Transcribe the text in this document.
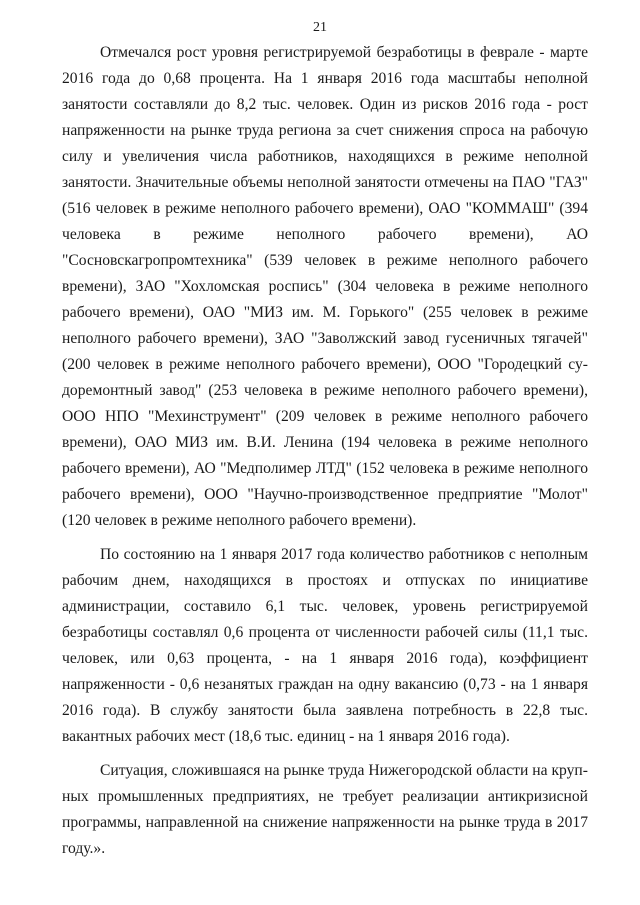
21

Отмечался рост уровня регистрируемой безработицы в феврале - марте 2016 года до 0,68 процента. На 1 января 2016 года масштабы неполной занятости составляли до 8,2 тыс. человек. Один из рисков 2016 года - рост напряженности на рынке труда региона за счет снижения спроса на рабочую силу и увеличения числа работников, находящихся в режиме неполной занятости. Значительные объемы неполной занятости отмечены на ПАО "ГАЗ" (516 человек в режиме неполного рабочего времени), ОАО "КОММАШ" (394 человека в режиме неполного рабочего времени), АО "Сосновскагропромтехника" (539 человек в режиме неполного рабочего времени), ЗАО "Хохломская роспись" (304 человека в режиме неполного рабочего времени), ОАО "МИЗ им. М. Горького" (255 человек в режиме неполного рабочего времени), ЗАО "Заволжский завод гусеничных тягачей" (200 человек в режиме неполного рабочего времени), ООО "Городецкий судоремонтный завод" (253 человека в режиме неполного рабочего времени), ООО НПО "Мехинструмент" (209 человек в режиме неполного рабочего времени), ОАО МИЗ им. В.И. Ленина (194 человека в режиме неполного рабочего времени), АО "Медполимер ЛТД" (152 человека в режиме неполного рабочего времени), ООО "Научно-производственное предприятие "Молот" (120 человек в режиме неполного рабочего времени).

По состоянию на 1 января 2017 года количество работников с неполным рабочим днем, находящихся в простоях и отпусках по инициативе администрации, составило 6,1 тыс. человек, уровень регистрируемой безработицы составлял 0,6 процента от численности рабочей силы (11,1 тыс. человек, или 0,63 процента, - на 1 января 2016 года), коэффициент напряженности - 0,6 незанятых граждан на одну вакансию (0,73 - на 1 января 2016 года). В службу занятости была заявлена потребность в 22,8 тыс. вакантных рабочих мест (18,6 тыс. единиц - на 1 января 2016 года).

Ситуация, сложившаяся на рынке труда Нижегородской области на крупных промышленных предприятиях, не требует реализации антикризисной программы, направленной на снижение напряженности на рынке труда в 2017 году.».
